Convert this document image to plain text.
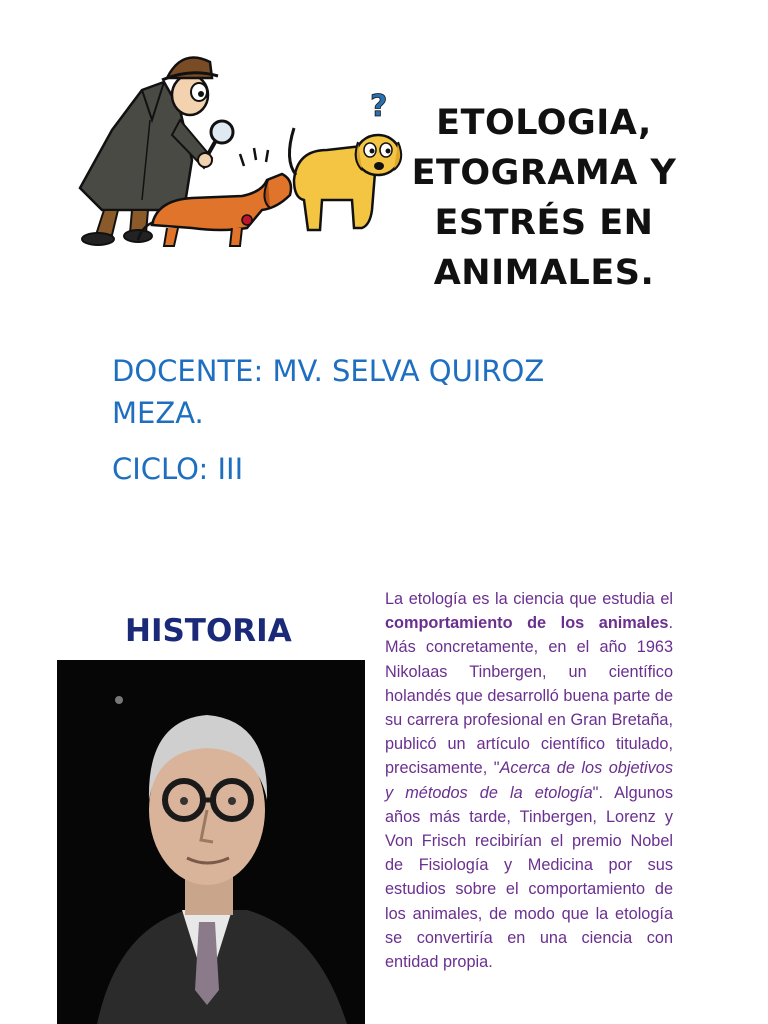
?	ETOLOGIA,
ETOGRAMA Y
ESTRÉS EN
ANIMALES.

DOCENTE: MV. SELVA QUIROZ
MEZA.

CICLO: III

HISTORIA
La etología es la ciencia que estudia el comportamiento de los animales. Más concretamente, en el año 1963 Nikolaas Tinbergen, un científico holandés que desarrolló buena parte de su carrera profesional en Gran Bretaña, publicó un artículo científico titulado, precisamente, "Acerca de los objetivos y métodos de la etología". Algunos años más tarde, Tinbergen, Lorenz y Von Frisch recibirían el premio Nobel de Fisiología y Medicina por sus estudios sobre el comportamiento de los animales, de modo que la etología se convertiría en una ciencia con entidad propia.
